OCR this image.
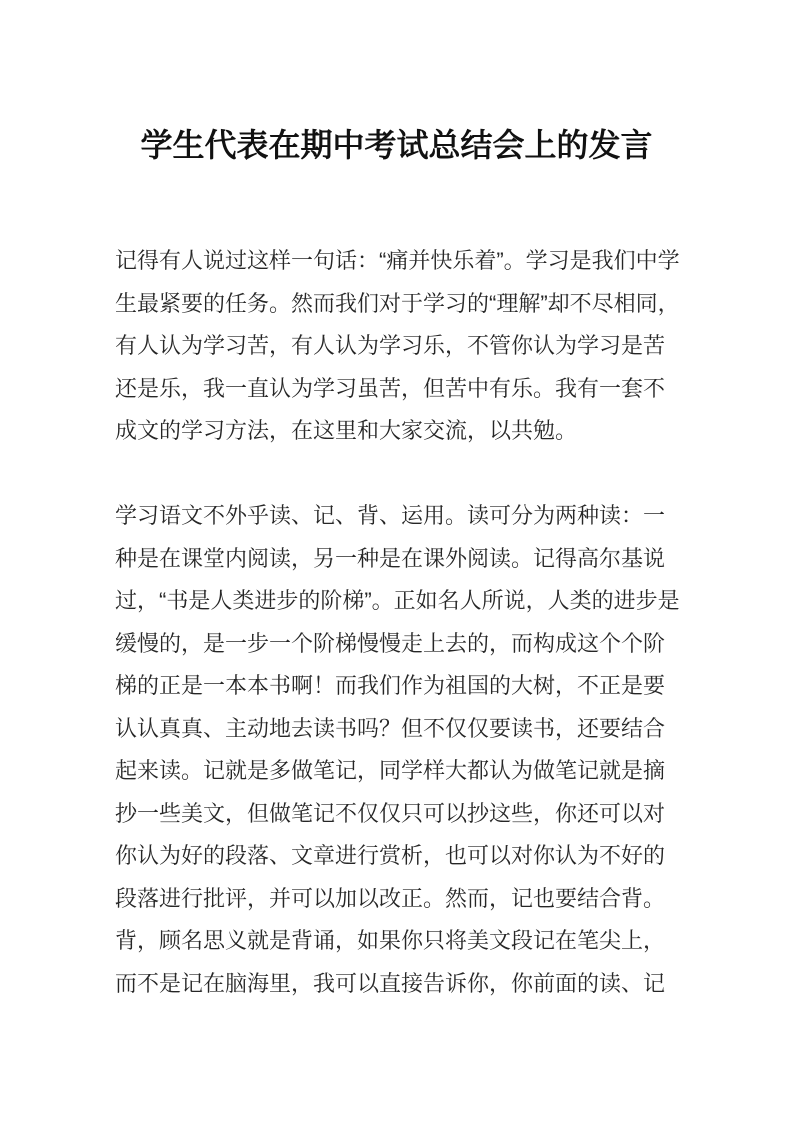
学生代表在期中考试总结会上的发言
记得有人说过这样一句话：“痛并快乐着”。学习是我们中学
生最紧要的任务。然而我们对于学习的“理解”却不尽相同，
有人认为学习苦，有人认为学习乐，不管你认为学习是苦
还是乐，我一直认为学习虽苦，但苦中有乐。我有一套不
成文的学习方法，在这里和大家交流，以共勉。
学习语文不外乎读、记、背、运用。读可分为两种读：一
种是在课堂内阅读，另一种是在课外阅读。记得高尔基说
过，“书是人类进步的阶梯”。正如名人所说，人类的进步是
缓慢的，是一步一个阶梯慢慢走上去的，而构成这个个阶
梯的正是一本本书啊！而我们作为祖国的大树，不正是要
认认真真、主动地去读书吗？但不仅仅要读书，还要结合
起来读。记就是多做笔记，同学样大都认为做笔记就是摘
抄一些美文，但做笔记不仅仅只可以抄这些，你还可以对
你认为好的段落、文章进行赏析，也可以对你认为不好的
段落进行批评，并可以加以改正。然而，记也要结合背。
背，顾名思义就是背诵，如果你只将美文段记在笔尖上，
而不是记在脑海里，我可以直接告诉你，你前面的读、记
